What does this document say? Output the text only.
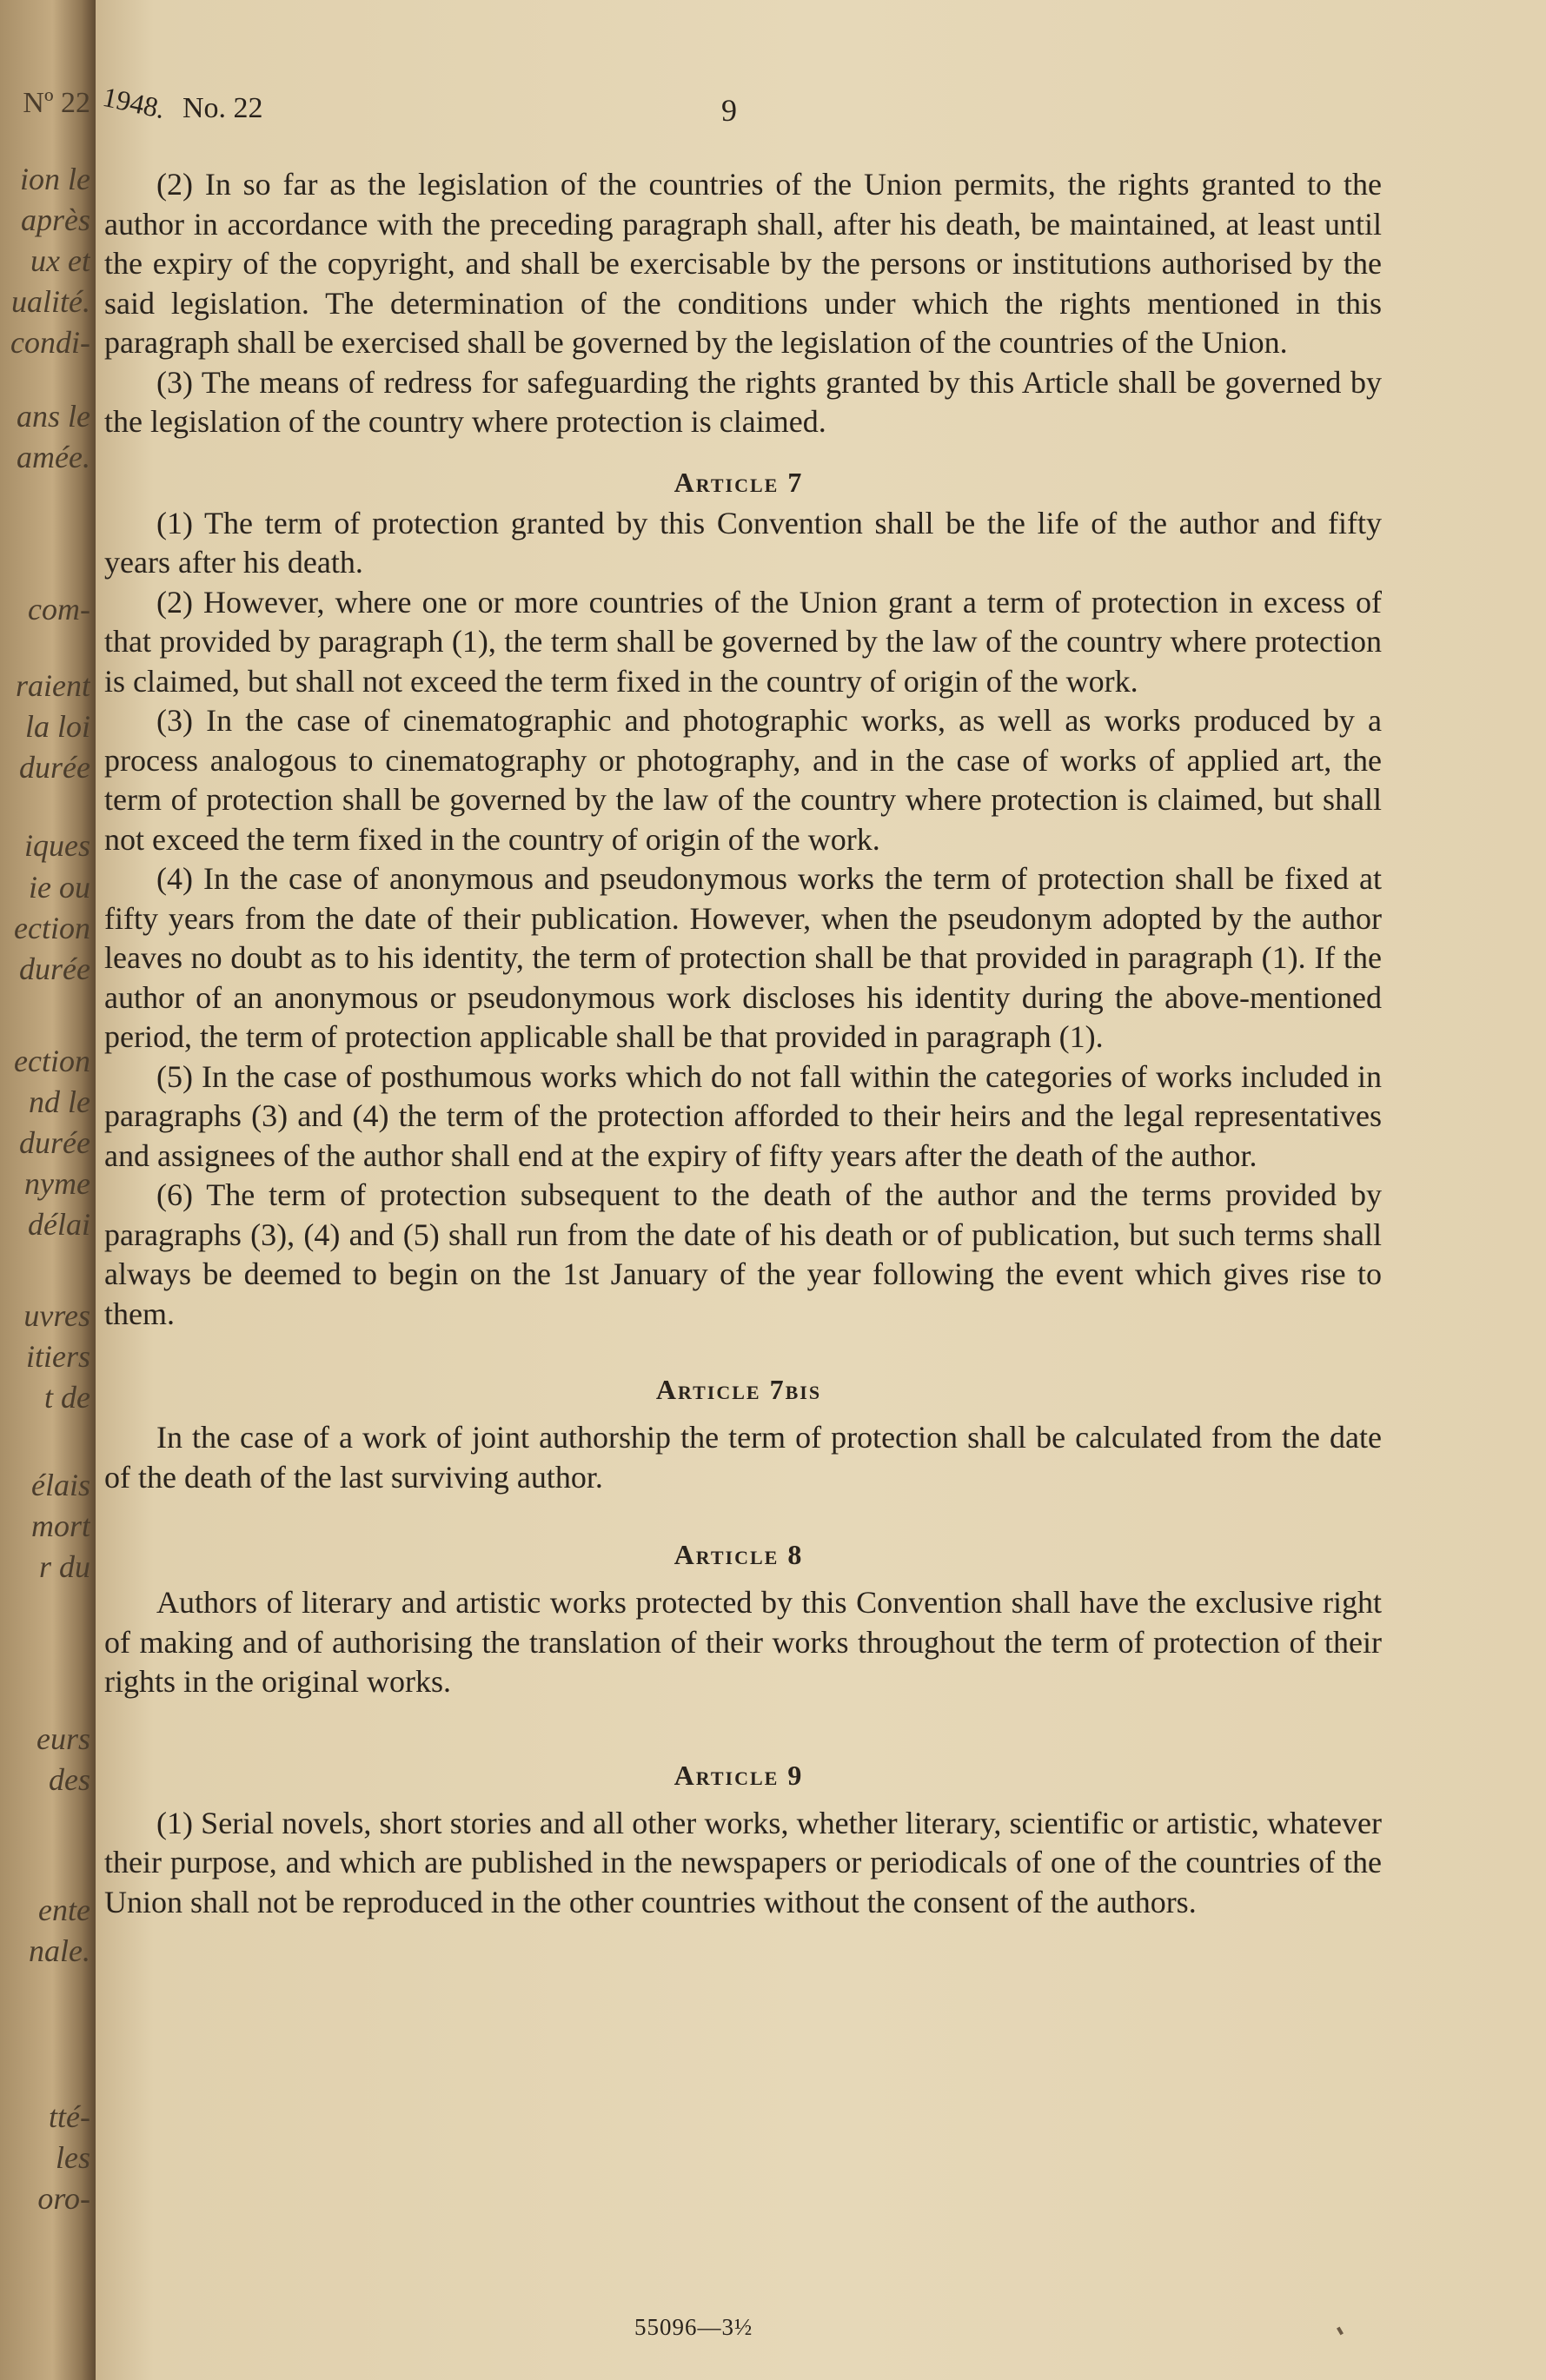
Nº 22
ion le
après
ux et
ualité.
condi-
ans le
amée.
com-
raient
la loi
durée
iques
ie ou
ection
durée
ection
nd le
durée
nyme
délai
uvres
itiers
t de
élais
mort
r du
eurs
des
ente
nale.
tté-
les
oro-
1948. No. 22	9

(2) In so far as the legislation of the countries of the Union permits, the rights granted to the author in accordance with the preceding paragraph shall, after his death, be maintained, at least until the expiry of the copyright, and shall be exercisable by the persons or institutions authorised by the said legislation. The determination of the conditions under which the rights mentioned in this paragraph shall be exercised shall be governed by the legislation of the countries of the Union.

(3) The means of redress for safeguarding the rights granted by this Article shall be governed by the legislation of the country where protection is claimed.

Article 7

(1) The term of protection granted by this Convention shall be the life of the author and fifty years after his death.

(2) However, where one or more countries of the Union grant a term of protection in excess of that provided by paragraph (1), the term shall be governed by the law of the country where protection is claimed, but shall not exceed the term fixed in the country of origin of the work.

(3) In the case of cinematographic and photographic works, as well as works produced by a process analogous to cinematography or photography, and in the case of works of applied art, the term of protection shall be governed by the law of the country where protection is claimed, but shall not exceed the term fixed in the country of origin of the work.

(4) In the case of anonymous and pseudonymous works the term of protection shall be fixed at fifty years from the date of their publication. However, when the pseudonym adopted by the author leaves no doubt as to his identity, the term of protection shall be that provided in paragraph (1). If the author of an anonymous or pseudonymous work discloses his identity during the above-mentioned period, the term of protection applicable shall be that provided in paragraph (1).

(5) In the case of posthumous works which do not fall within the categories of works included in paragraphs (3) and (4) the term of the protection afforded to their heirs and the legal representatives and assignees of the author shall end at the expiry of fifty years after the death of the author.

(6) The term of protection subsequent to the death of the author and the terms provided by paragraphs (3), (4) and (5) shall run from the date of his death or of publication, but such terms shall always be deemed to begin on the 1st January of the year following the event which gives rise to them.

Article 7bis

In the case of a work of joint authorship the term of protection shall be calculated from the date of the death of the last surviving author.

Article 8

Authors of literary and artistic works protected by this Convention shall have the exclusive right of making and of authorising the translation of their works throughout the term of protection of their rights in the original works.

Article 9

(1) Serial novels, short stories and all other works, whether literary, scientific or artistic, whatever their purpose, and which are published in the newspapers or periodicals of one of the countries of the Union shall not be reproduced in the other countries without the consent of the authors.

55096—3½
